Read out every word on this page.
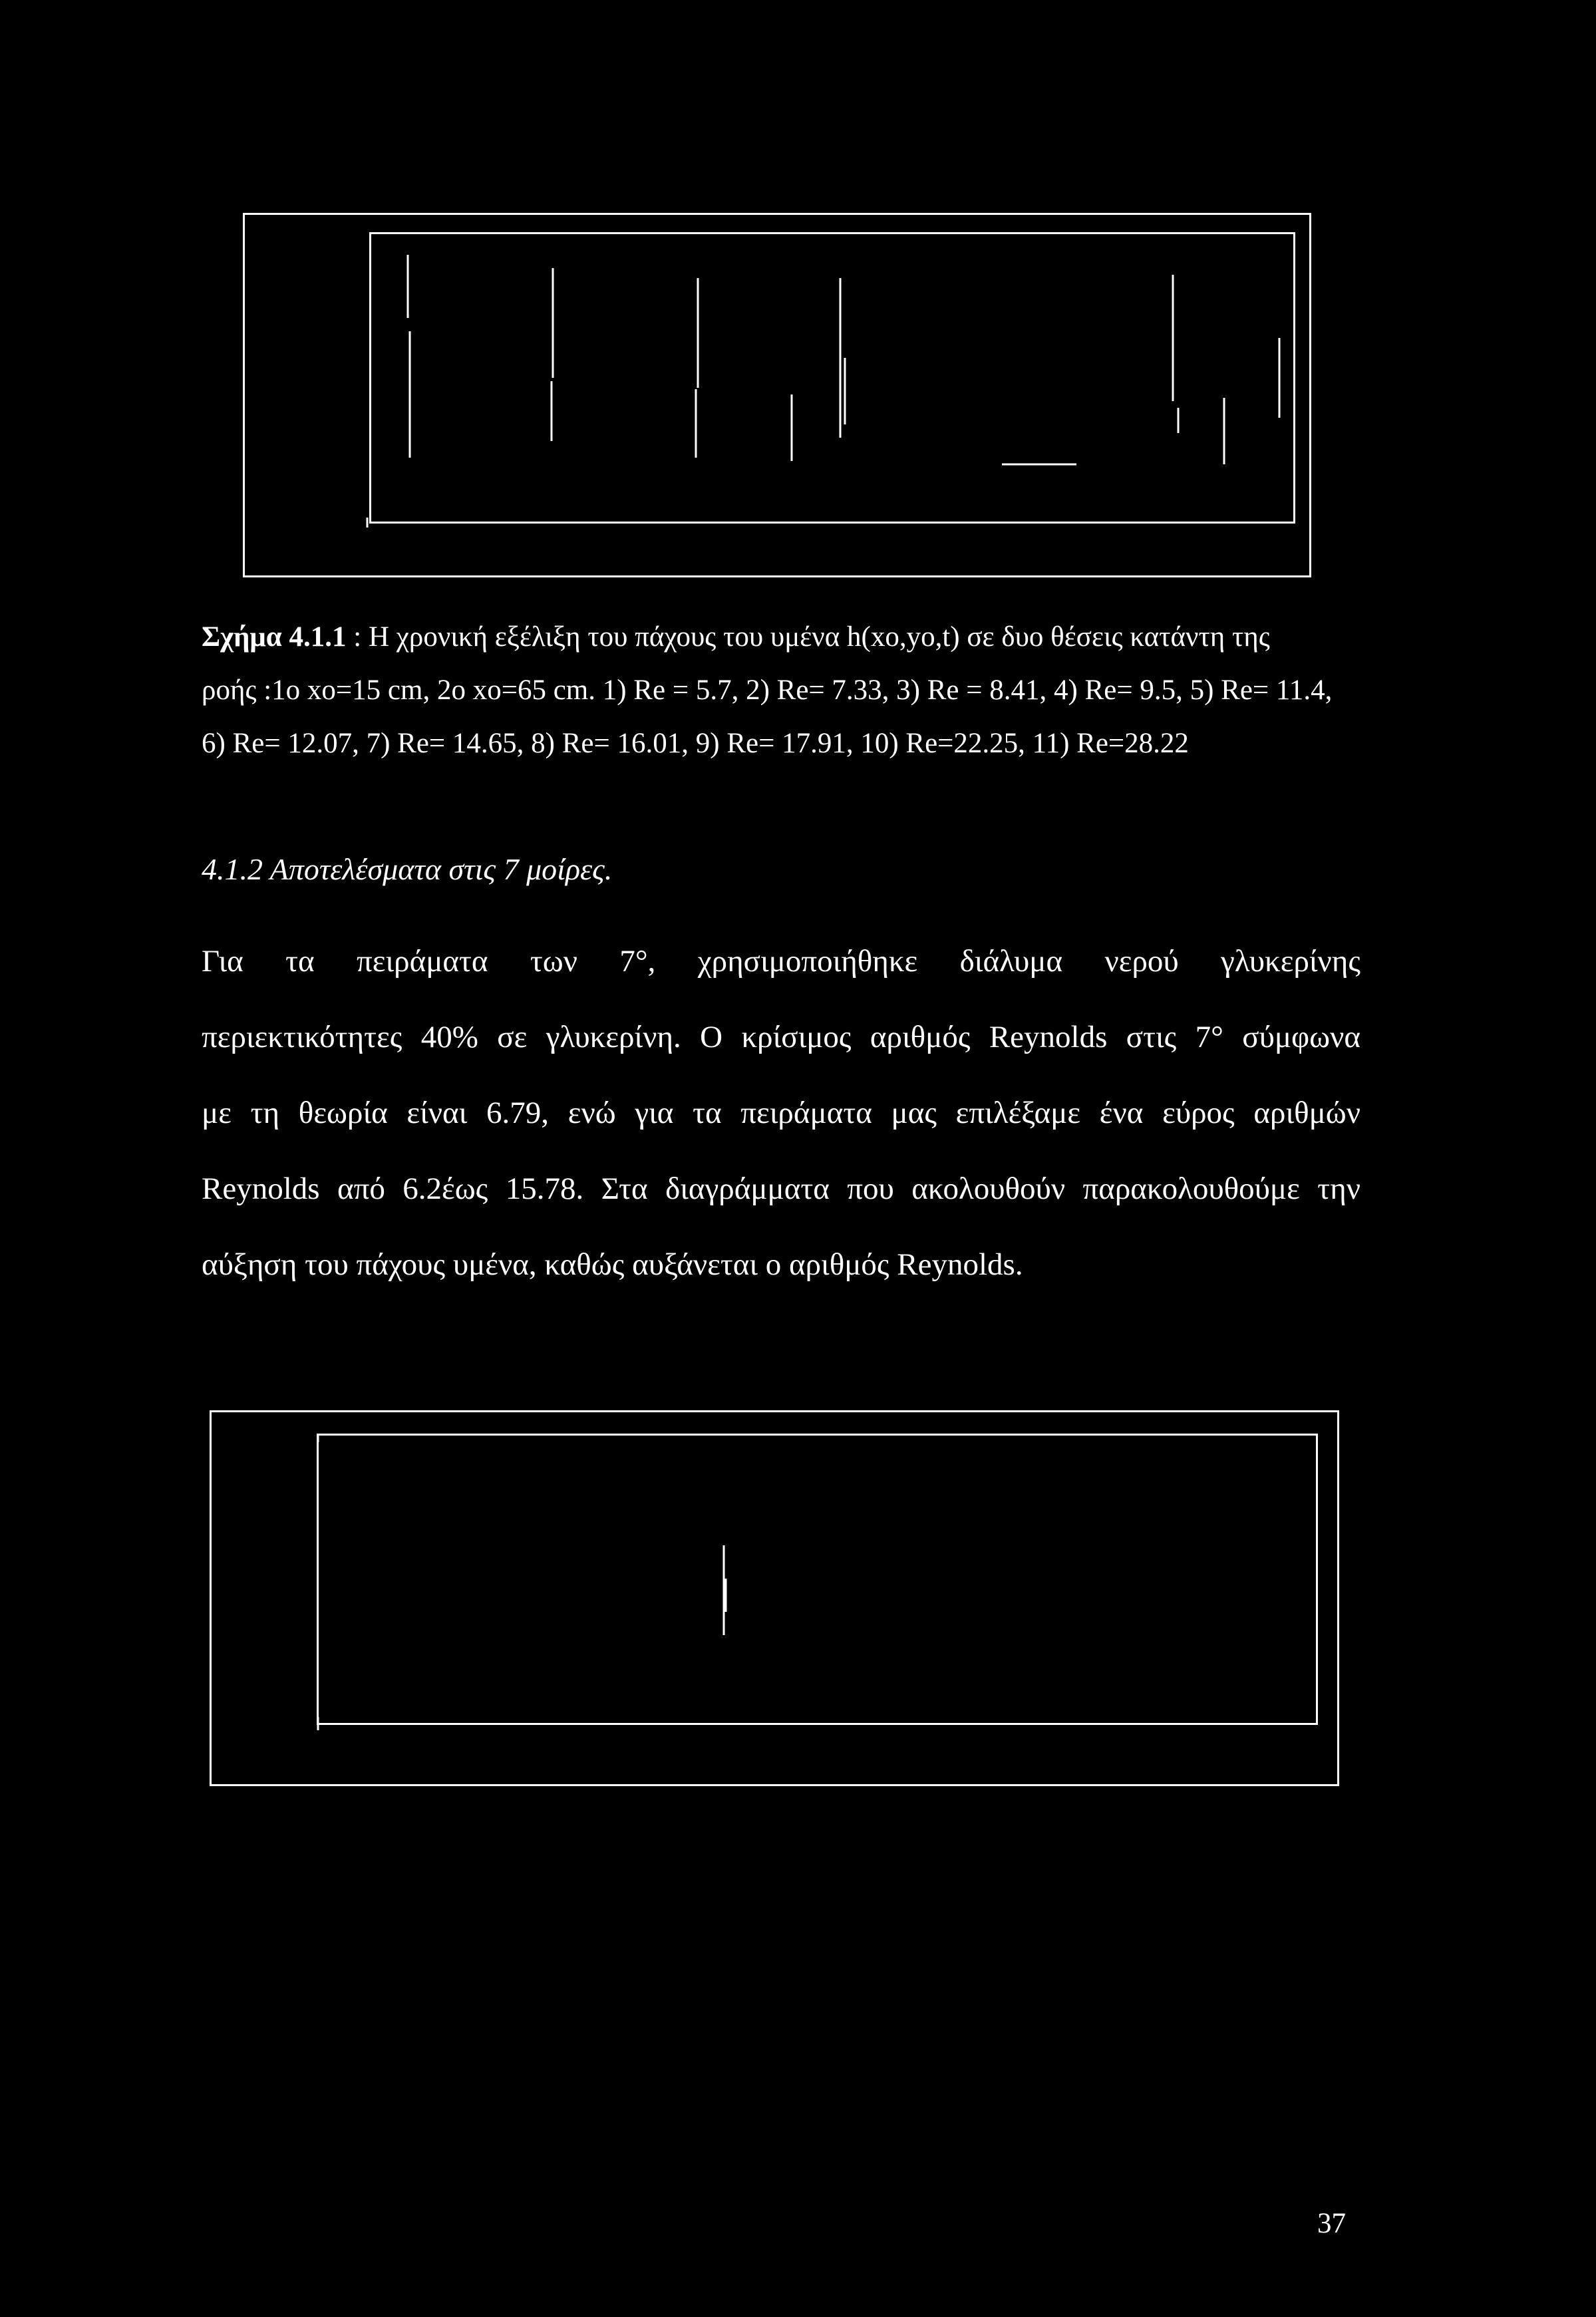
Σχήμα 4.1.1 : Η χρονική εξέλιξη του πάχους του υμένα h(xo,yo,t) σε δυο θέσεις κατάντη της

ροής :1ο xo=15 cm, 2o xo=65 cm. 1) Re = 5.7, 2) Re= 7.33, 3) Re = 8.41, 4) Re= 9.5, 5) Re= 11.4,

6) Re= 12.07, 7) Re= 14.65, 8) Re= 16.01, 9) Re= 17.91, 10) Re=22.25, 11) Re=28.22

4.1.2 Αποτελέσματα στις 7 μοίρες.

Για τα πειράματα των 7°, χρησιμοποιήθηκε διάλυμα νερού γλυκερίνης

περιεκτικότητες 40% σε γλυκερίνη. Ο κρίσιμος αριθμός Reynolds στις 7° σύμφωνα

με τη θεωρία είναι 6.79, ενώ για τα πειράματα μας επιλέξαμε ένα εύρος αριθμών

Reynolds από 6.2έως 15.78. Στα διαγράμματα που ακολουθούν παρακολουθούμε την

αύξηση του πάχους υμένα, καθώς αυξάνεται ο αριθμός Reynolds.

37
